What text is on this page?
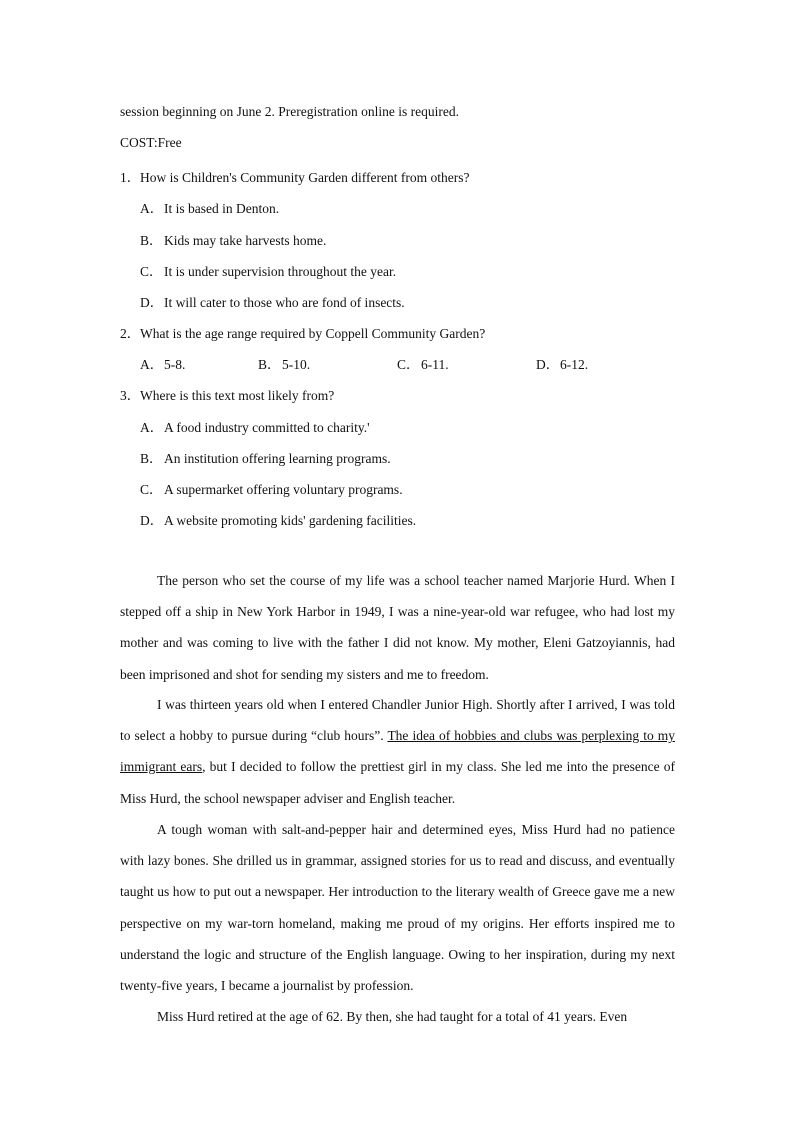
session beginning on June 2. Preregistration online is required.
COST:Free
1．How is Children's Community Garden different from others?
A．It is based in Denton.
B．Kids may take harvests home.
C．It is under supervision throughout the year.
D．It will cater to those who are fond of insects.
2．What is the age range required by Coppell Community Garden?
A．5-8.	B．5-10.	C．6-11.	D．6-12.
3．Where is this text most likely from?
A．A food industry committed to charity.'
B．An institution offering learning programs.
C．A supermarket offering voluntary programs.
D．A website promoting kids' gardening facilities.

The person who set the course of my life was a school teacher named Marjorie Hurd. When I stepped off a ship in New York Harbor in 1949, I was a nine-year-old war refugee, who had lost my mother and was coming to live with the father I did not know. My mother, Eleni Gatzoyiannis, had been imprisoned and shot for sending my sisters and me to freedom.

I was thirteen years old when I entered Chandler Junior High. Shortly after I arrived, I was told to select a hobby to pursue during “club hours”. The idea of hobbies and clubs was perplexing to my immigrant ears, but I decided to follow the prettiest girl in my class. She led me into the presence of Miss Hurd, the school newspaper adviser and English teacher.

A tough woman with salt-and-pepper hair and determined eyes, Miss Hurd had no patience with lazy bones. She drilled us in grammar, assigned stories for us to read and discuss, and eventually taught us how to put out a newspaper. Her introduction to the literary wealth of Greece gave me a new perspective on my war-torn homeland, making me proud of my origins. Her efforts inspired me to understand the logic and structure of the English language. Owing to her inspiration, during my next twenty-five years, I became a journalist by profession.

Miss Hurd retired at the age of 62. By then, she had taught for a total of 41 years. Even
